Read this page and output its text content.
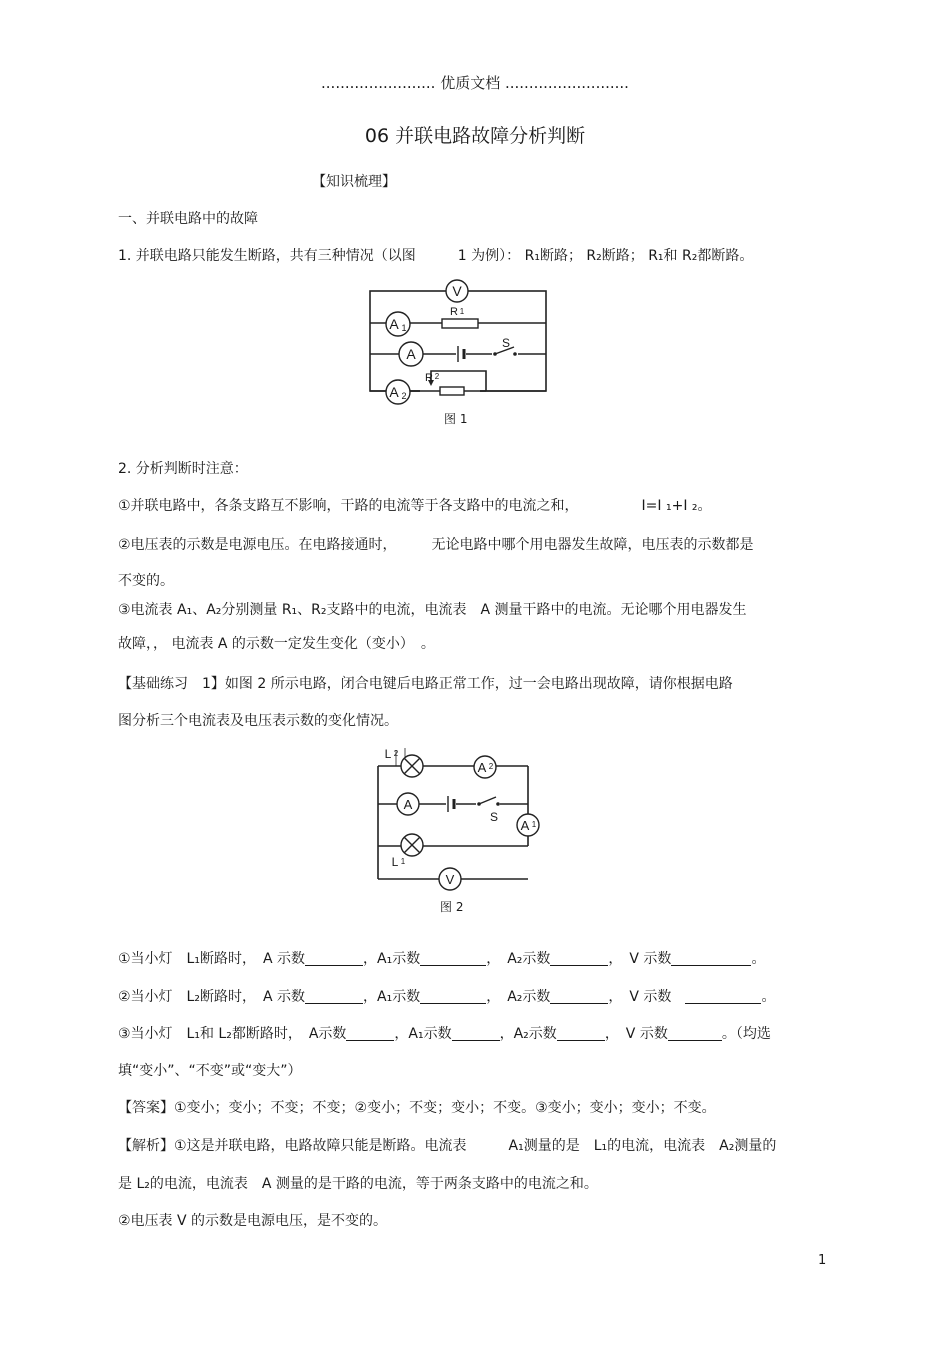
........................ 优质文档 ..........................
06 并联电路故障分析判断
【知识梳理】
一、并联电路中的故障
1. 并联电路只能发生断路，共有三种情况（以图　　　1 为例）： R₁断路； R₂断路； R₁和 R₂都断路。
V
A 1
R 1
A
S
A 2
R 2
图 1
2. 分析判断时注意：
①并联电路中，各条支路互不影响，干路的电流等于各支路中的电流之和，　　　　　I=I ₁+I ₂。
②电压表的示数是电源电压。在电路接通时，　　　无论电路中哪个用电器发生故障，电压表的示数都是
不变的。
③电流表 A₁、A₂分别测量 R₁、R₂支路中的电流，电流表　A 测量干路中的电流。无论哪个用电器发生
故障，， 电流表 A 的示数一定发生变化（变小）　。
【基础练习　1】如图 2 所示电路，闭合电键后电路正常工作，过一会电路出现故障，请你根据电路
图分析三个电流表及电压表示数的变化情况。
L 2
A 2
A
S
A 1
L 1
V
图 2
①当小灯　L₁断路时，　A 示数	，A₁示数	，　A₂示数	，　V 示数	。
②当小灯　L₂断路时，　A 示数	，A₁示数	，　A₂示数	，　V 示数　	。
③当小灯　L₁和 L₂都断路时，　A示数	，A₁示数	，A₂示数	，　V 示数	。（均选
填“变小”、“不变”或“变大”）
【答案】①变小；变小；不变；不变；②变小；不变；变小；不变。③变小；变小；变小；不变。
【解析】①这是并联电路，电路故障只能是断路。电流表　　　A₁测量的是　L₁的电流，电流表　A₂测量的
是 L₂的电流，电流表　A 测量的是干路的电流，等于两条支路中的电流之和。
②电压表 V 的示数是电源电压，是不变的。
1
